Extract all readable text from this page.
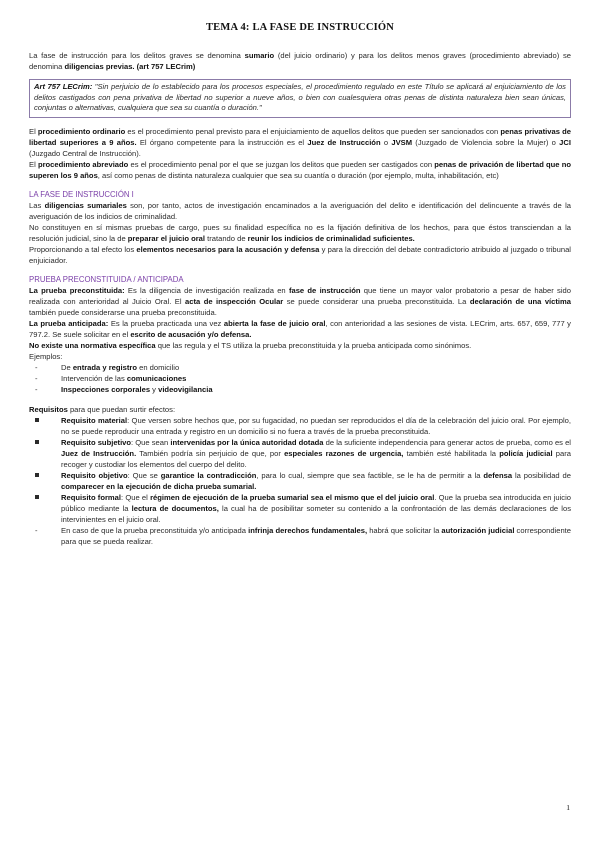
TEMA 4: LA FASE DE INSTRUCCIÓN

La fase de instrucción para los delitos graves se denomina sumario (del juicio ordinario) y para los delitos menos graves (procedimiento abreviado) se denomina diligencias previas. (art 757 LECrim)

Art 757 LECrim: "Sin perjuicio de lo establecido para los procesos especiales, el procedimiento regulado en este Título se aplicará al enjuiciamiento de los delitos castigados con pena privativa de libertad no superior a nueve años, o bien con cualesquiera otras penas de distinta naturaleza bien sean únicas, conjuntas o alternativas, cualquiera que sea su cuantía o duración."

El procedimiento ordinario es el procedimiento penal previsto para el enjuiciamiento de aquellos delitos que pueden ser sancionados con penas privativas de libertad superiores a 9 años. El órgano competente para la instrucción es el Juez de Instrucción o JVSM (Juzgado de Violencia sobre la Mujer) o JCI (Juzgado Central de Instrucción).

El procedimiento abreviado es el procedimiento penal por el que se juzgan los delitos que pueden ser castigados con penas de privación de libertad que no superen los 9 años, así como penas de distinta naturaleza cualquier que sea su cuantía o duración (por ejemplo, multa, inhabilitación, etc)

LA FASE DE INSTRUCCIÓN I

Las diligencias sumariales son, por tanto, actos de investigación encaminados a la averiguación del delito e identificación del delincuente a través de la averiguación de los indicios de criminalidad.

No constituyen en sí mismas pruebas de cargo, pues su finalidad específica no es la fijación definitiva de los hechos, para que éstos transciendan a la resolución judicial, sino la de preparar el juicio oral tratando de reunir los indicios de criminalidad suficientes.

Proporcionando a tal efecto los elementos necesarios para la acusación y defensa y para la dirección del debate contradictorio atribuido al juzgado o tribunal enjuiciador.

PRUEBA PRECONSTITUIDA / ANTICIPADA

La prueba preconstituida: Es la diligencia de investigación realizada en fase de instrucción que tiene un mayor valor probatorio a pesar de haber sido realizada con anterioridad al Juicio Oral. El acta de inspección Ocular se puede considerar una prueba preconstituida. La declaración de una víctima también puede considerarse una prueba preconstituida.

La prueba anticipada: Es la prueba practicada una vez abierta la fase de juicio oral, con anterioridad a las sesiones de vista. LECrim, arts. 657, 659, 777 y 797.2. Se suele solicitar en el escrito de acusación y/o defensa.

No existe una normativa específica que las regula y el TS utiliza la prueba preconstituida y la prueba anticipada como sinónimos.

Ejemplos:

- De entrada y registro en domicilio
- Intervención de las comunicaciones
- Inspecciones corporales y videovigilancia

Requisitos para que puedan surtir efectos:

Requisito material: Que versen sobre hechos que, por su fugacidad, no puedan ser reproducidos el día de la celebración del juicio oral. Por ejemplo, no se puede reproducir una entrada y registro en un domicilio si no fuera a través de la prueba preconstituida.
Requisito subjetivo: Que sean intervenidas por la única autoridad dotada de la suficiente independencia para generar actos de prueba, como es el Juez de Instrucción. También podría sin perjuicio de que, por especiales razones de urgencia, también esté habilitada la policía judicial para recoger y custodiar los elementos del cuerpo del delito.
Requisito objetivo: Que se garantice la contradicción, para lo cual, siempre que sea factible, se le ha de permitir a la defensa la posibilidad de comparecer en la ejecución de dicha prueba sumarial.
Requisito formal: Que el régimen de ejecución de la prueba sumarial sea el mismo que el del juicio oral. Que la prueba sea introducida en juicio público mediante la lectura de documentos, la cual ha de posibilitar someter su contenido a la confrontación de las demás declaraciones de los intervinientes en el juicio oral.
- En caso de que la prueba preconstituida y/o anticipada infrinja derechos fundamentales, habrá que solicitar la autorización judicial correspondiente para que se pueda realizar.
1
